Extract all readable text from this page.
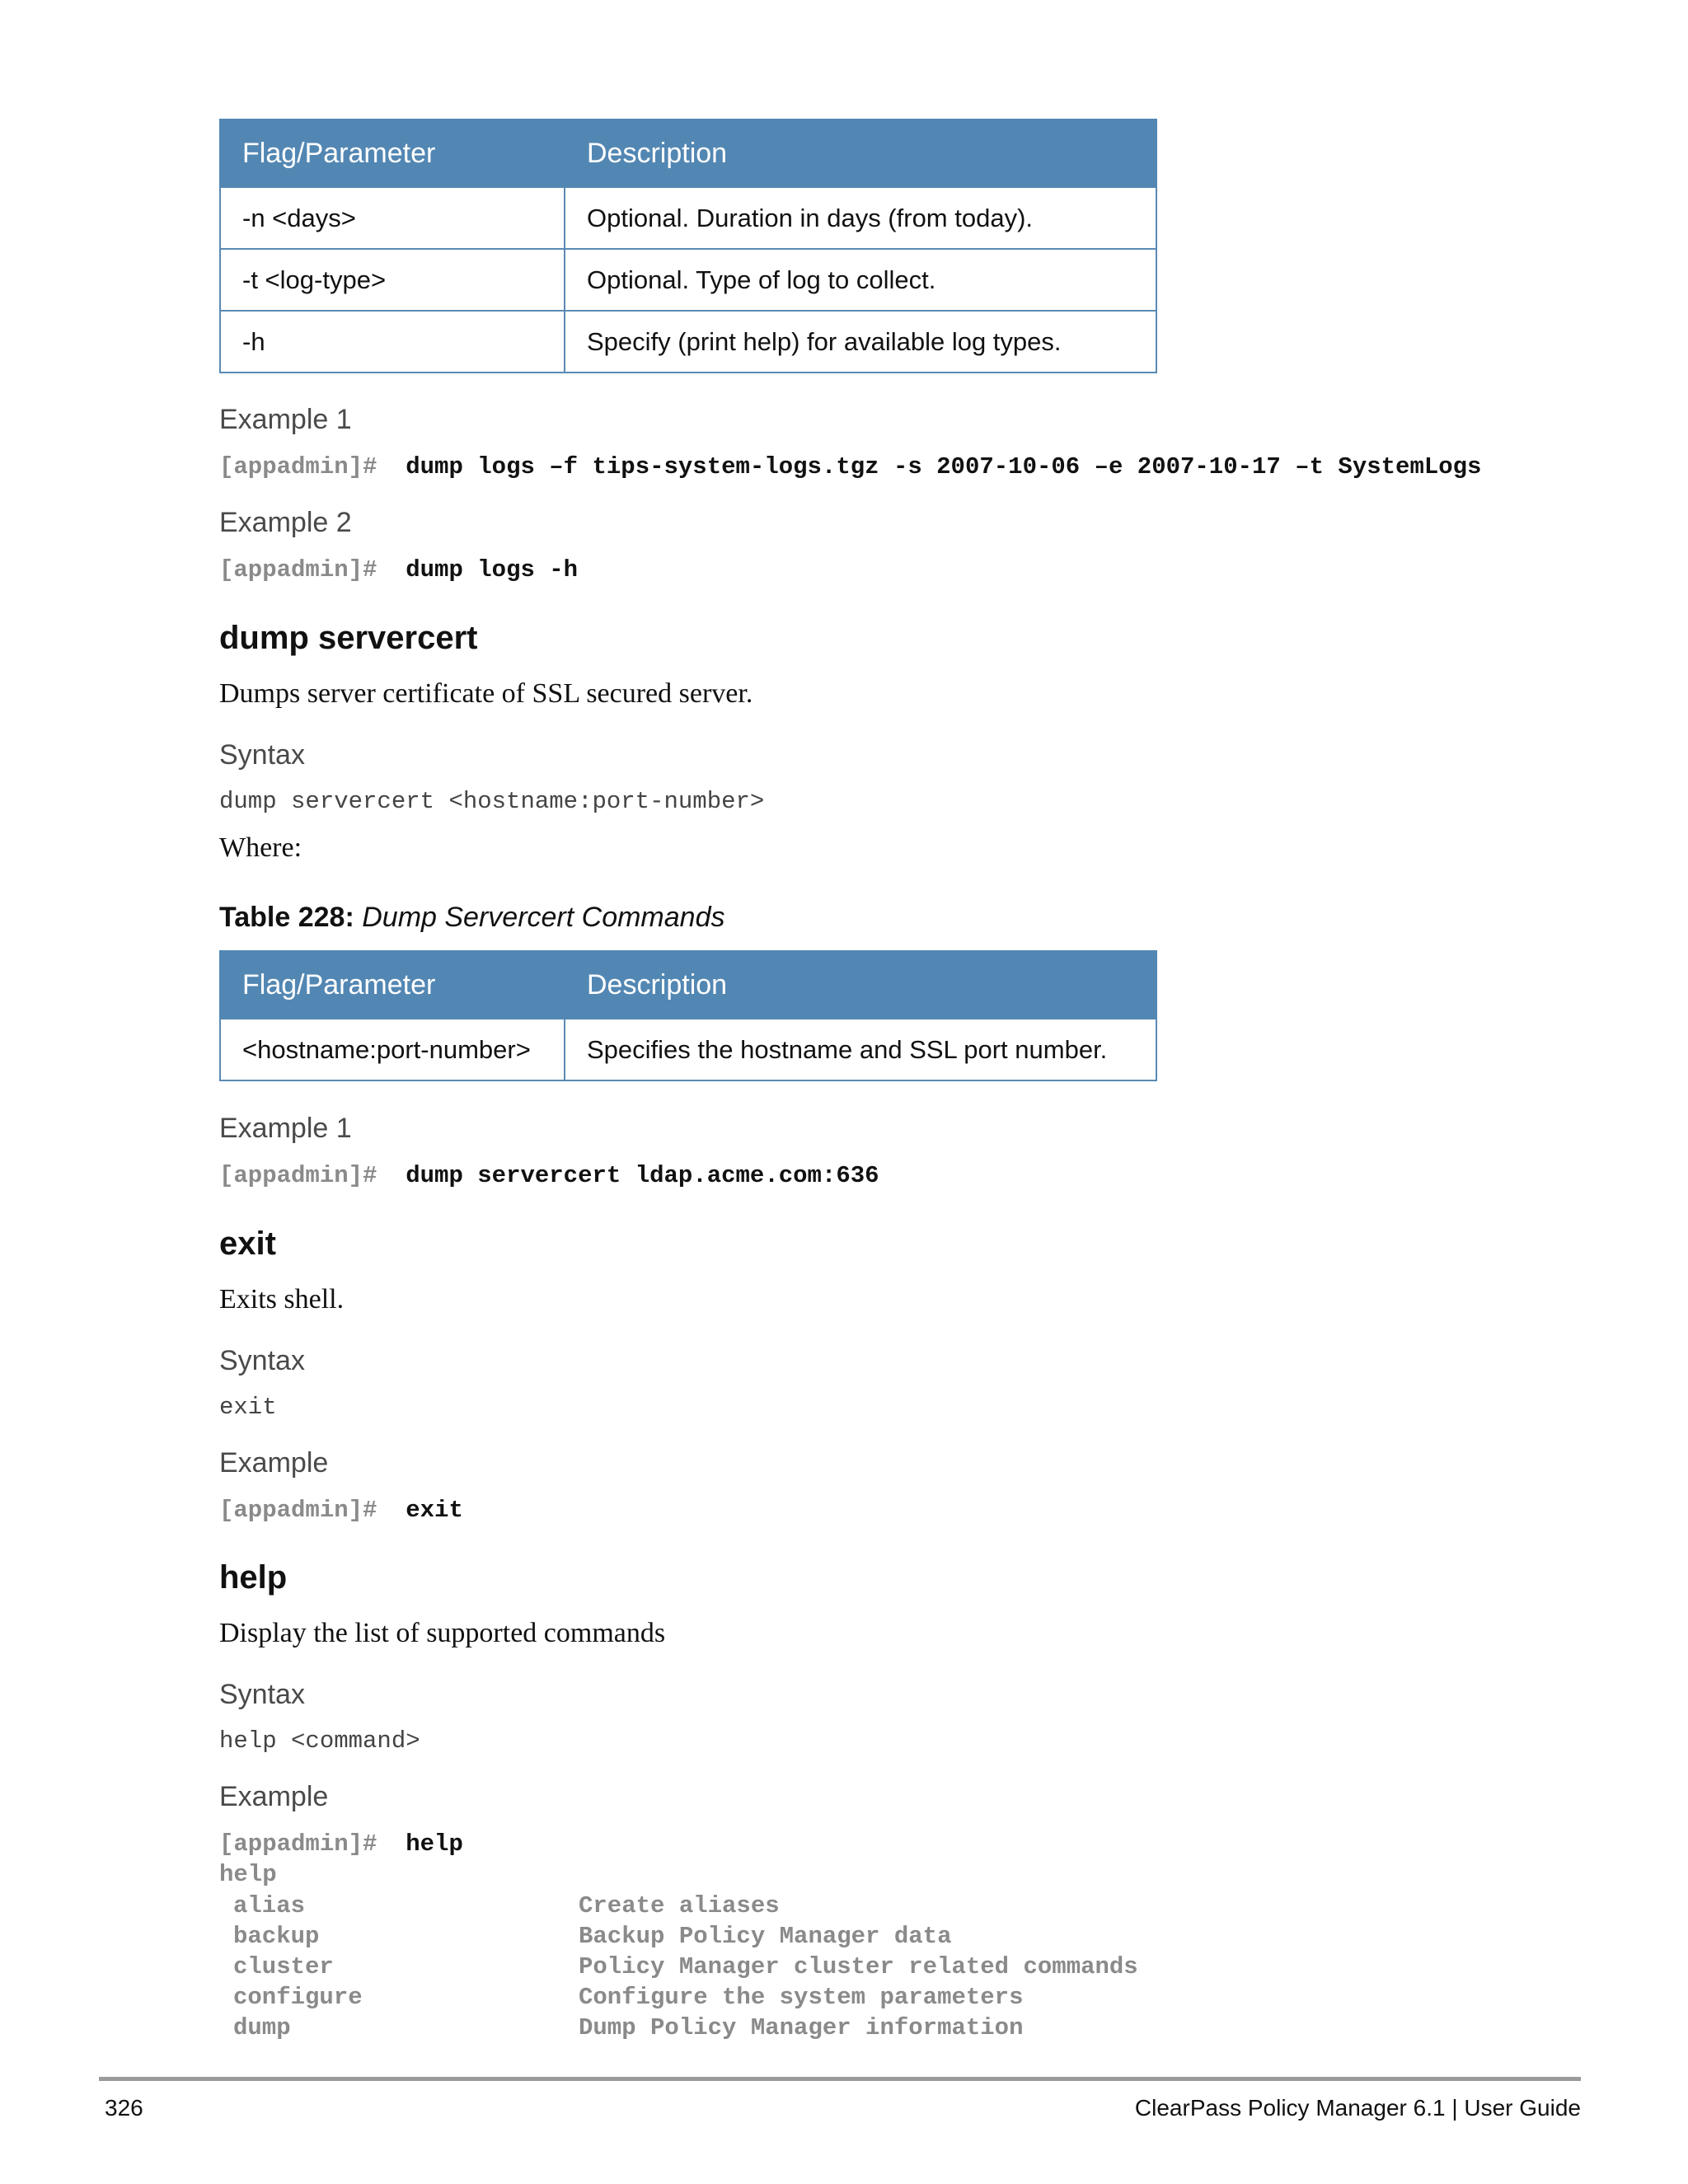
Flag/Parameter	Description
-n <days>	Optional. Duration in days (from today).
-t <log-type>	Optional. Type of log to collect.
-h	Specify (print help) for available log types.
Example 1
[appadmin]# dump logs –f tips-system-logs.tgz -s 2007-10-06 –e 2007-10-17 –t SystemLogs
Example 2
[appadmin]# dump logs -h
dump servercert
Dumps server certificate of SSL secured server.
Syntax
dump servercert <hostname:port-number>
Where:
Table 228: Dump Servercert Commands
Flag/Parameter	Description
<hostname:port-number>	Specifies the hostname and SSL port number.
Example 1
[appadmin]# dump servercert ldap.acme.com:636
exit
Exits shell.
Syntax
exit
Example
[appadmin]# exit
help
Display the list of supported commands
Syntax
help <command>
Example
[appadmin]# help
help
alias	Create aliases
backup	Backup Policy Manager data
cluster	Policy Manager cluster related commands
configure	Configure the system parameters
dump	Dump Policy Manager information
326	ClearPass Policy Manager 6.1 | User Guide
